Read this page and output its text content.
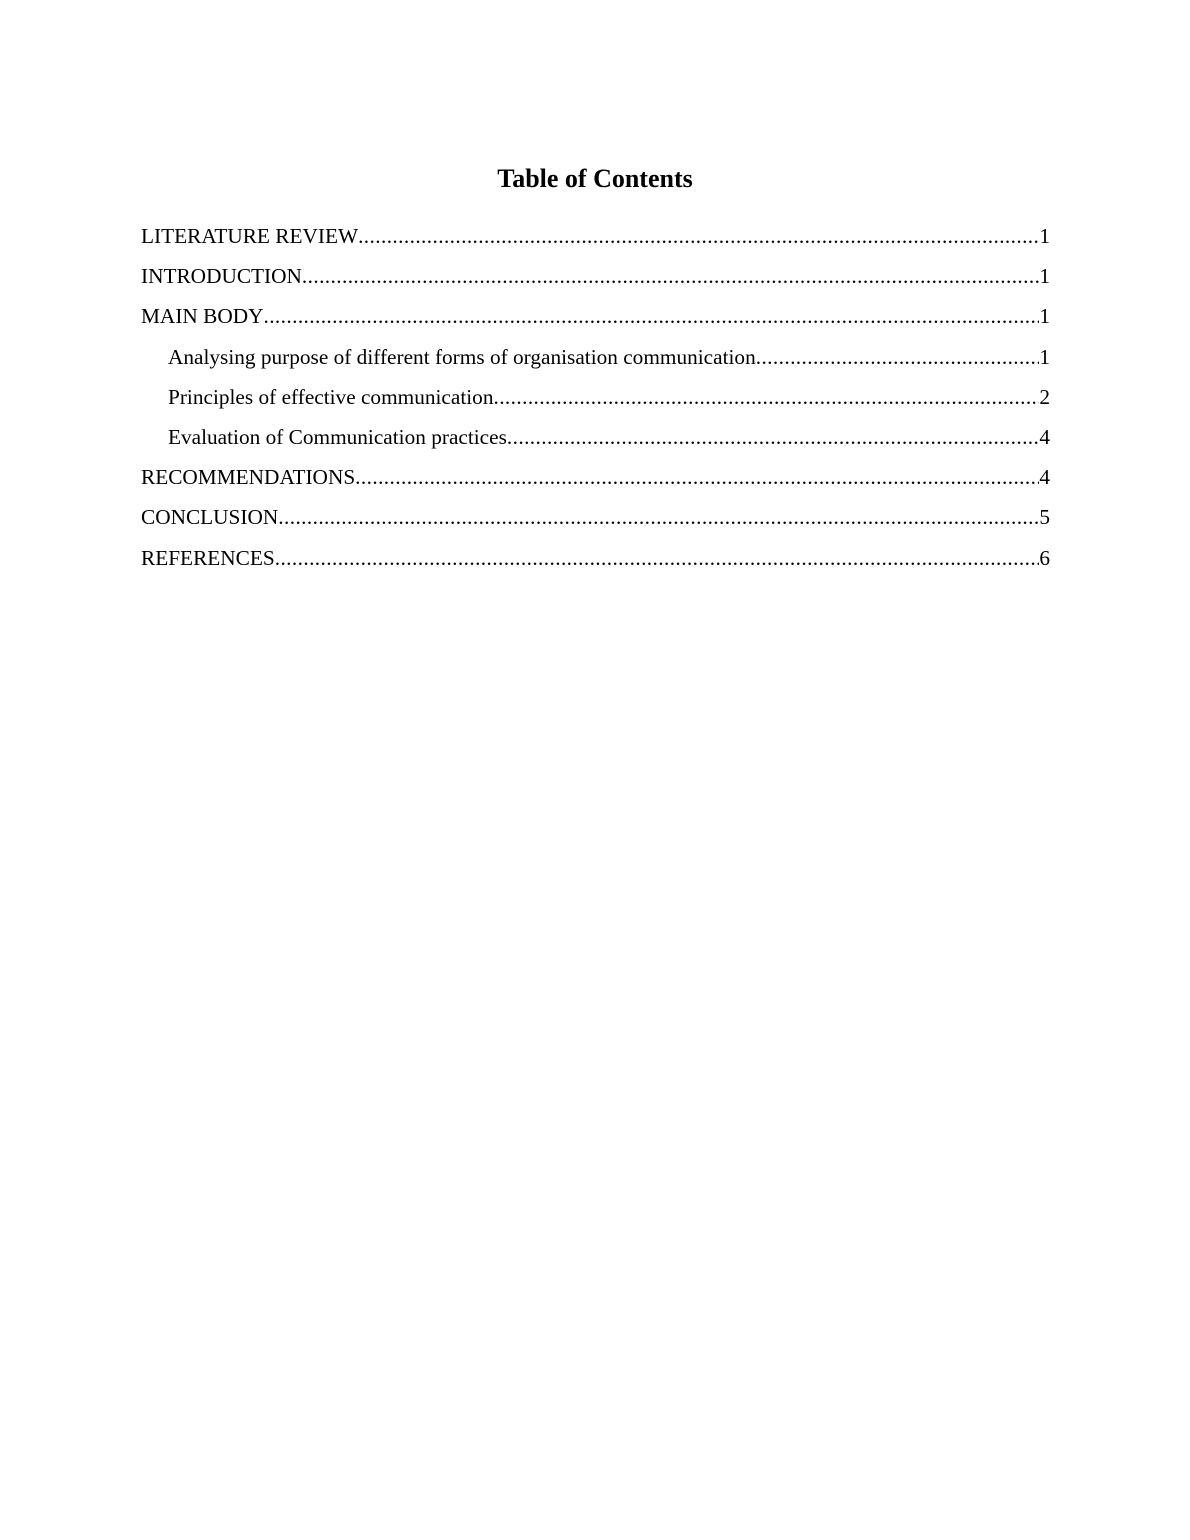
Table of Contents
LITERATURE REVIEW .....	1
INTRODUCTION .....	1
MAIN BODY .....	1
Analysing purpose of different forms of organisation communication .....	1
Principles of effective communication .....	2
Evaluation of Communication practices .....	4
RECOMMENDATIONS .....	4
CONCLUSION .....	5
REFERENCES .....	6
